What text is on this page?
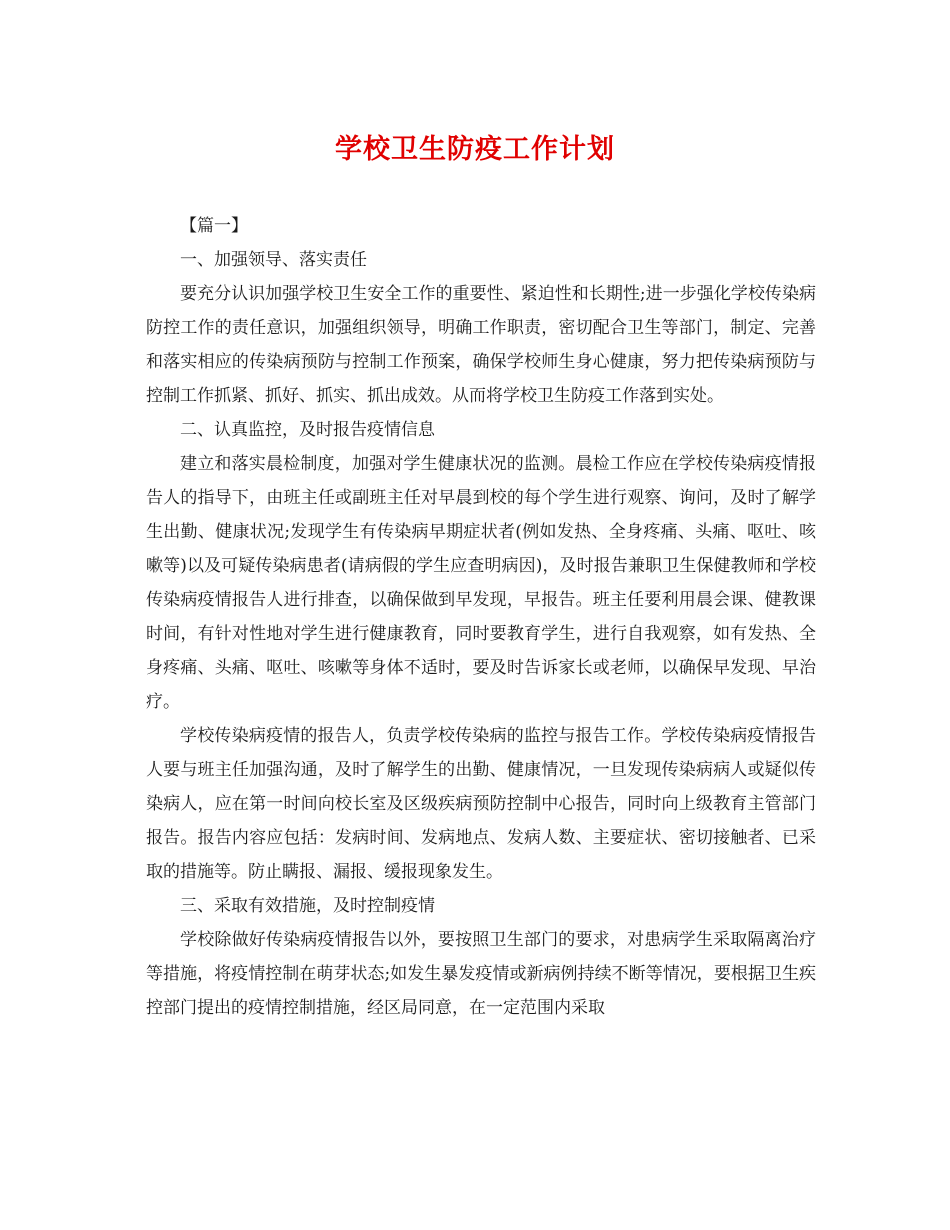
学校卫生防疫工作计划

【篇一】

一、加强领导、落实责任

要充分认识加强学校卫生安全工作的重要性、紧迫性和长期性;进一步强化学校传染病防控工作的责任意识，加强组织领导，明确工作职责，密切配合卫生等部门，制定、完善和落实相应的传染病预防与控制工作预案，确保学校师生身心健康，努力把传染病预防与控制工作抓紧、抓好、抓实、抓出成效。从而将学校卫生防疫工作落到实处。

二、认真监控，及时报告疫情信息

建立和落实晨检制度，加强对学生健康状况的监测。晨检工作应在学校传染病疫情报告人的指导下，由班主任或副班主任对早晨到校的每个学生进行观察、询问，及时了解学生出勤、健康状况;发现学生有传染病早期症状者(例如发热、全身疼痛、头痛、呕吐、咳嗽等)以及可疑传染病患者(请病假的学生应查明病因)，及时报告兼职卫生保健教师和学校传染病疫情报告人进行排查，以确保做到早发现，早报告。班主任要利用晨会课、健教课时间，有针对性地对学生进行健康教育，同时要教育学生，进行自我观察，如有发热、全身疼痛、头痛、呕吐、咳嗽等身体不适时，要及时告诉家长或老师，以确保早发现、早治疗。

学校传染病疫情的报告人，负责学校传染病的监控与报告工作。学校传染病疫情报告人要与班主任加强沟通，及时了解学生的出勤、健康情况，一旦发现传染病病人或疑似传染病人，应在第一时间向校长室及区级疾病预防控制中心报告，同时向上级教育主管部门报告。报告内容应包括：发病时间、发病地点、发病人数、主要症状、密切接触者、已采取的措施等。防止瞒报、漏报、缓报现象发生。

三、采取有效措施，及时控制疫情

学校除做好传染病疫情报告以外，要按照卫生部门的要求，对患病学生采取隔离治疗等措施，将疫情控制在萌芽状态;如发生暴发疫情或新病例持续不断等情况，要根据卫生疾控部门提出的疫情控制措施，经区局同意，在一定范围内采取
